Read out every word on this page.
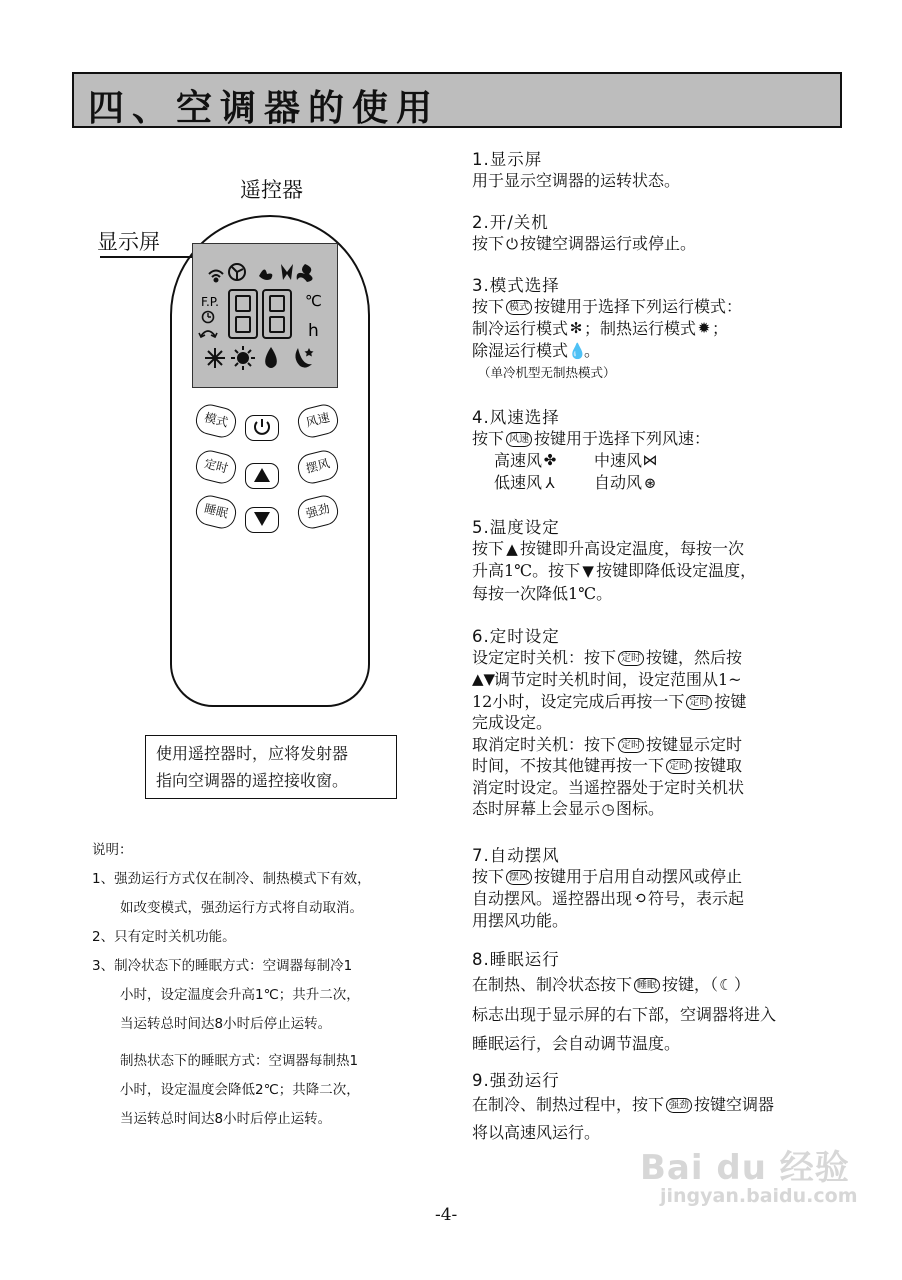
四、空调器的使用
遥控器
显示屏
F.P.	℃
h
模式	风速
定时	摆风
睡眠	强劲
使用遥控器时，应将发射器
指向空调器的遥控接收窗。
说明：
1、强劲运行方式仅在制冷、制热模式下有效，
如改变模式，强劲运行方式将自动取消。
2、只有定时关机功能。
3、制冷状态下的睡眠方式：空调器每制冷1
小时，设定温度会升高1℃；共升二次，
当运转总时间达8小时后停止运转。
制热状态下的睡眠方式：空调器每制热1
小时，设定温度会降低2℃；共降二次，
当运转总时间达8小时后停止运转。
1.显示屏

用于显示空调器的运转状态。

2.开/关机

按下 ⏻ 按键空调器运行或停止。

3.模式选择

按下 模式 按键用于选择下列运行模式：

制冷运行模式 ✻ ；制热运行模式 ✹ ；

除湿运行模式💧。

（单冷机型无制热模式）

4.风速选择

按下 风速 按键用于选择下列风速：

高速风 ✤ 中速风⋈

低速风 ⅄ 自动风 ⊛

5.温度设定

按下 ▲ 按键即升高设定温度，每按一次

升高1℃。按下 ▼ 按键即降低设定温度，

每按一次降低1℃。

6.定时设定

设定定时关机：按下 定时 按键，然后按

▲▼调节定时关机时间，设定范围从1~

12小时，设定完成后再按一下 定时 按键

完成设定。

取消定时关机：按下 定时 按键显示定时

时间，不按其他键再按一下 定时 按键取

消定时设定。当遥控器处于定时关机状

态时屏幕上会显示◷图标。

7.自动摆风

按下 摆风 按键用于启用自动摆风或停止

自动摆风。遥控器出现 ⟲ 符号，表示起

用摆风功能。

8.睡眠运行

在制热、制冷状态按下 睡眠 按键，（☾）

标志出现于显示屏的右下部，空调器将进入

睡眠运行，会自动调节温度。

9.强劲运行

在制冷、制热过程中，按下 强劲 按键空调器

将以高速风运行。

-4-
Bai du 经验
jingyan.baidu.com
